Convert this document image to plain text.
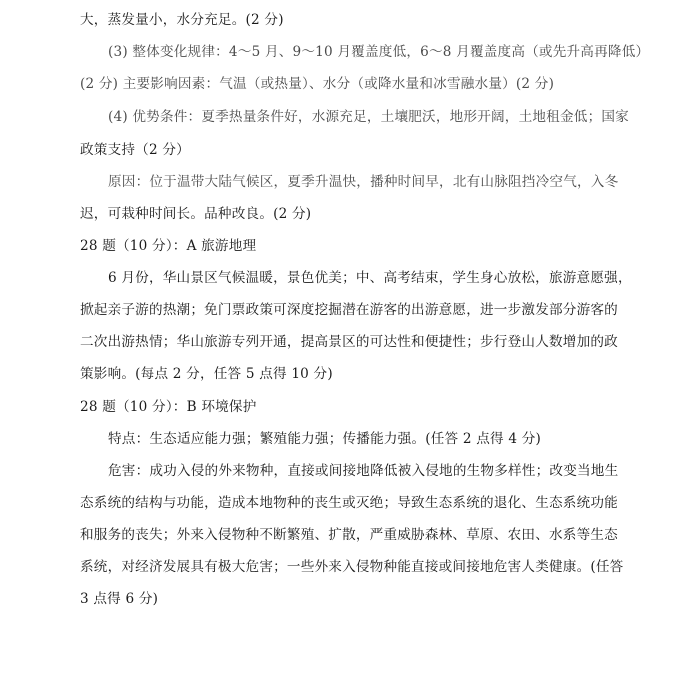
大，蒸发量小，水分充足。(2 分)
(3) 整体变化规律：4～5 月、9～10 月覆盖度低，6～8 月覆盖度高（或先升高再降低）
(2 分) 主要影响因素：气温（或热量）、水分（或降水量和冰雪融水量）(2 分)
(4) 优势条件：夏季热量条件好，水源充足，土壤肥沃，地形开阔，土地租金低；国家
政策支持（2 分）
原因：位于温带大陆气候区，夏季升温快，播种时间早，北有山脉阻挡冷空气，入冬
迟，可栽种时间长。品种改良。(2 分)
28 题（10 分）：A 旅游地理
6 月份，华山景区气候温暖，景色优美；中、高考结束，学生身心放松，旅游意愿强，
掀起亲子游的热潮；免门票政策可深度挖掘潜在游客的出游意愿，进一步激发部分游客的
二次出游热情；华山旅游专列开通，提高景区的可达性和便捷性；步行登山人数增加的政
策影响。(每点 2 分，任答 5 点得 10 分)
28 题（10 分）：B 环境保护
特点：生态适应能力强；繁殖能力强；传播能力强。(任答 2 点得 4 分)
危害：成功入侵的外来物种，直接或间接地降低被入侵地的生物多样性；改变当地生
态系统的结构与功能，造成本地物种的丧生或灭绝；导致生态系统的退化、生态系统功能
和服务的丧失；外来入侵物种不断繁殖、扩散，严重威胁森林、草原、农田、水系等生态
系统，对经济发展具有极大危害；一些外来入侵物种能直接或间接地危害人类健康。(任答
3 点得 6 分)
